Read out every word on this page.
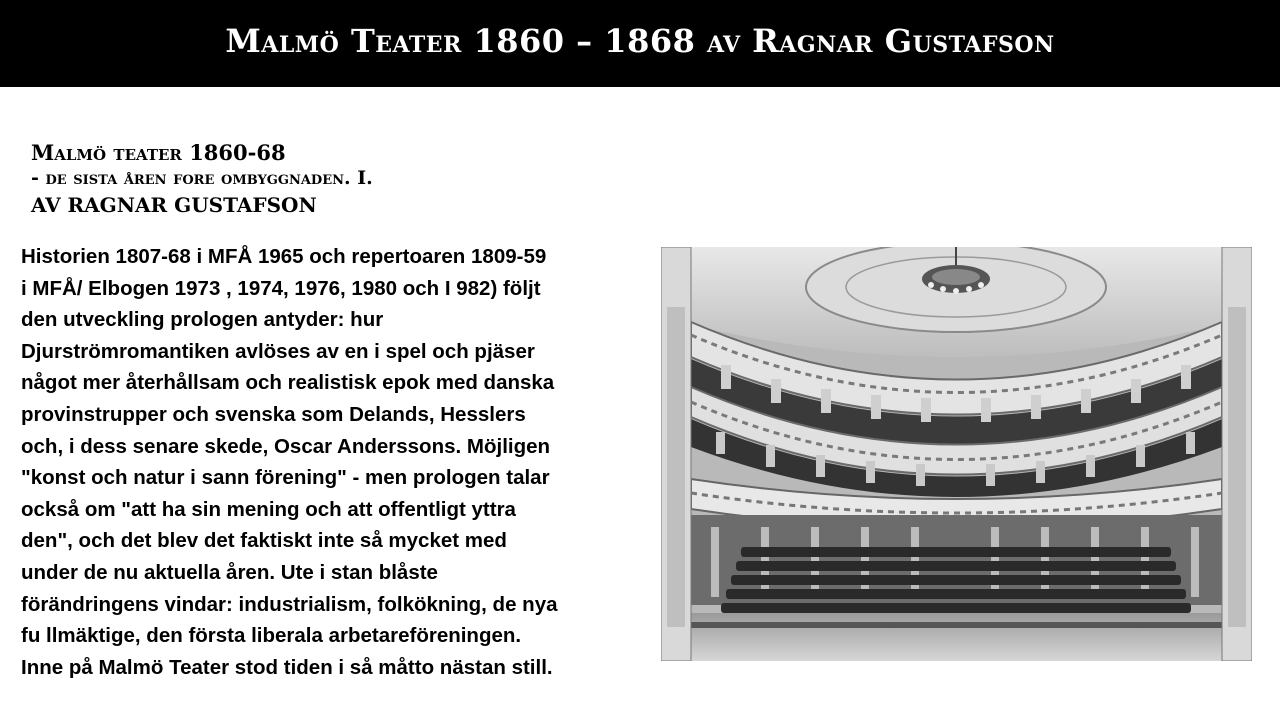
Malmö Teater 1860 – 1868 av Ragnar Gustafson
Malmö teater 1860-68
- de sista åren fore ombyggnaden. I.
AV RAGNAR GUSTAFSON
Historien 1807-68 i MFÅ 1965 och repertoaren 1809-59
i MFÅ/ Elbogen 1973 , 1974, 1976, 1980 och I 982) följt
den utveckling prologen antyder: hur
Djurströmromantiken avlöses av en i spel och pjäser
något mer återhållsam och realistisk epok med danska
provinstrupper och svenska som Delands, Hesslers
och, i dess senare skede, Oscar Anderssons. Möjligen
"konst och natur i sann förening" - men prologen talar
också om "att ha sin mening och att offentligt yttra
den", och det blev det faktiskt inte så mycket med
under de nu aktuella åren. Ute i stan blåste
förändringens vindar: industrialism, folkökning, de nya
fu llmäktige, den första liberala arbetareföreningen.
Inne på Malmö Teater stod tiden i så måtto nästan still.
